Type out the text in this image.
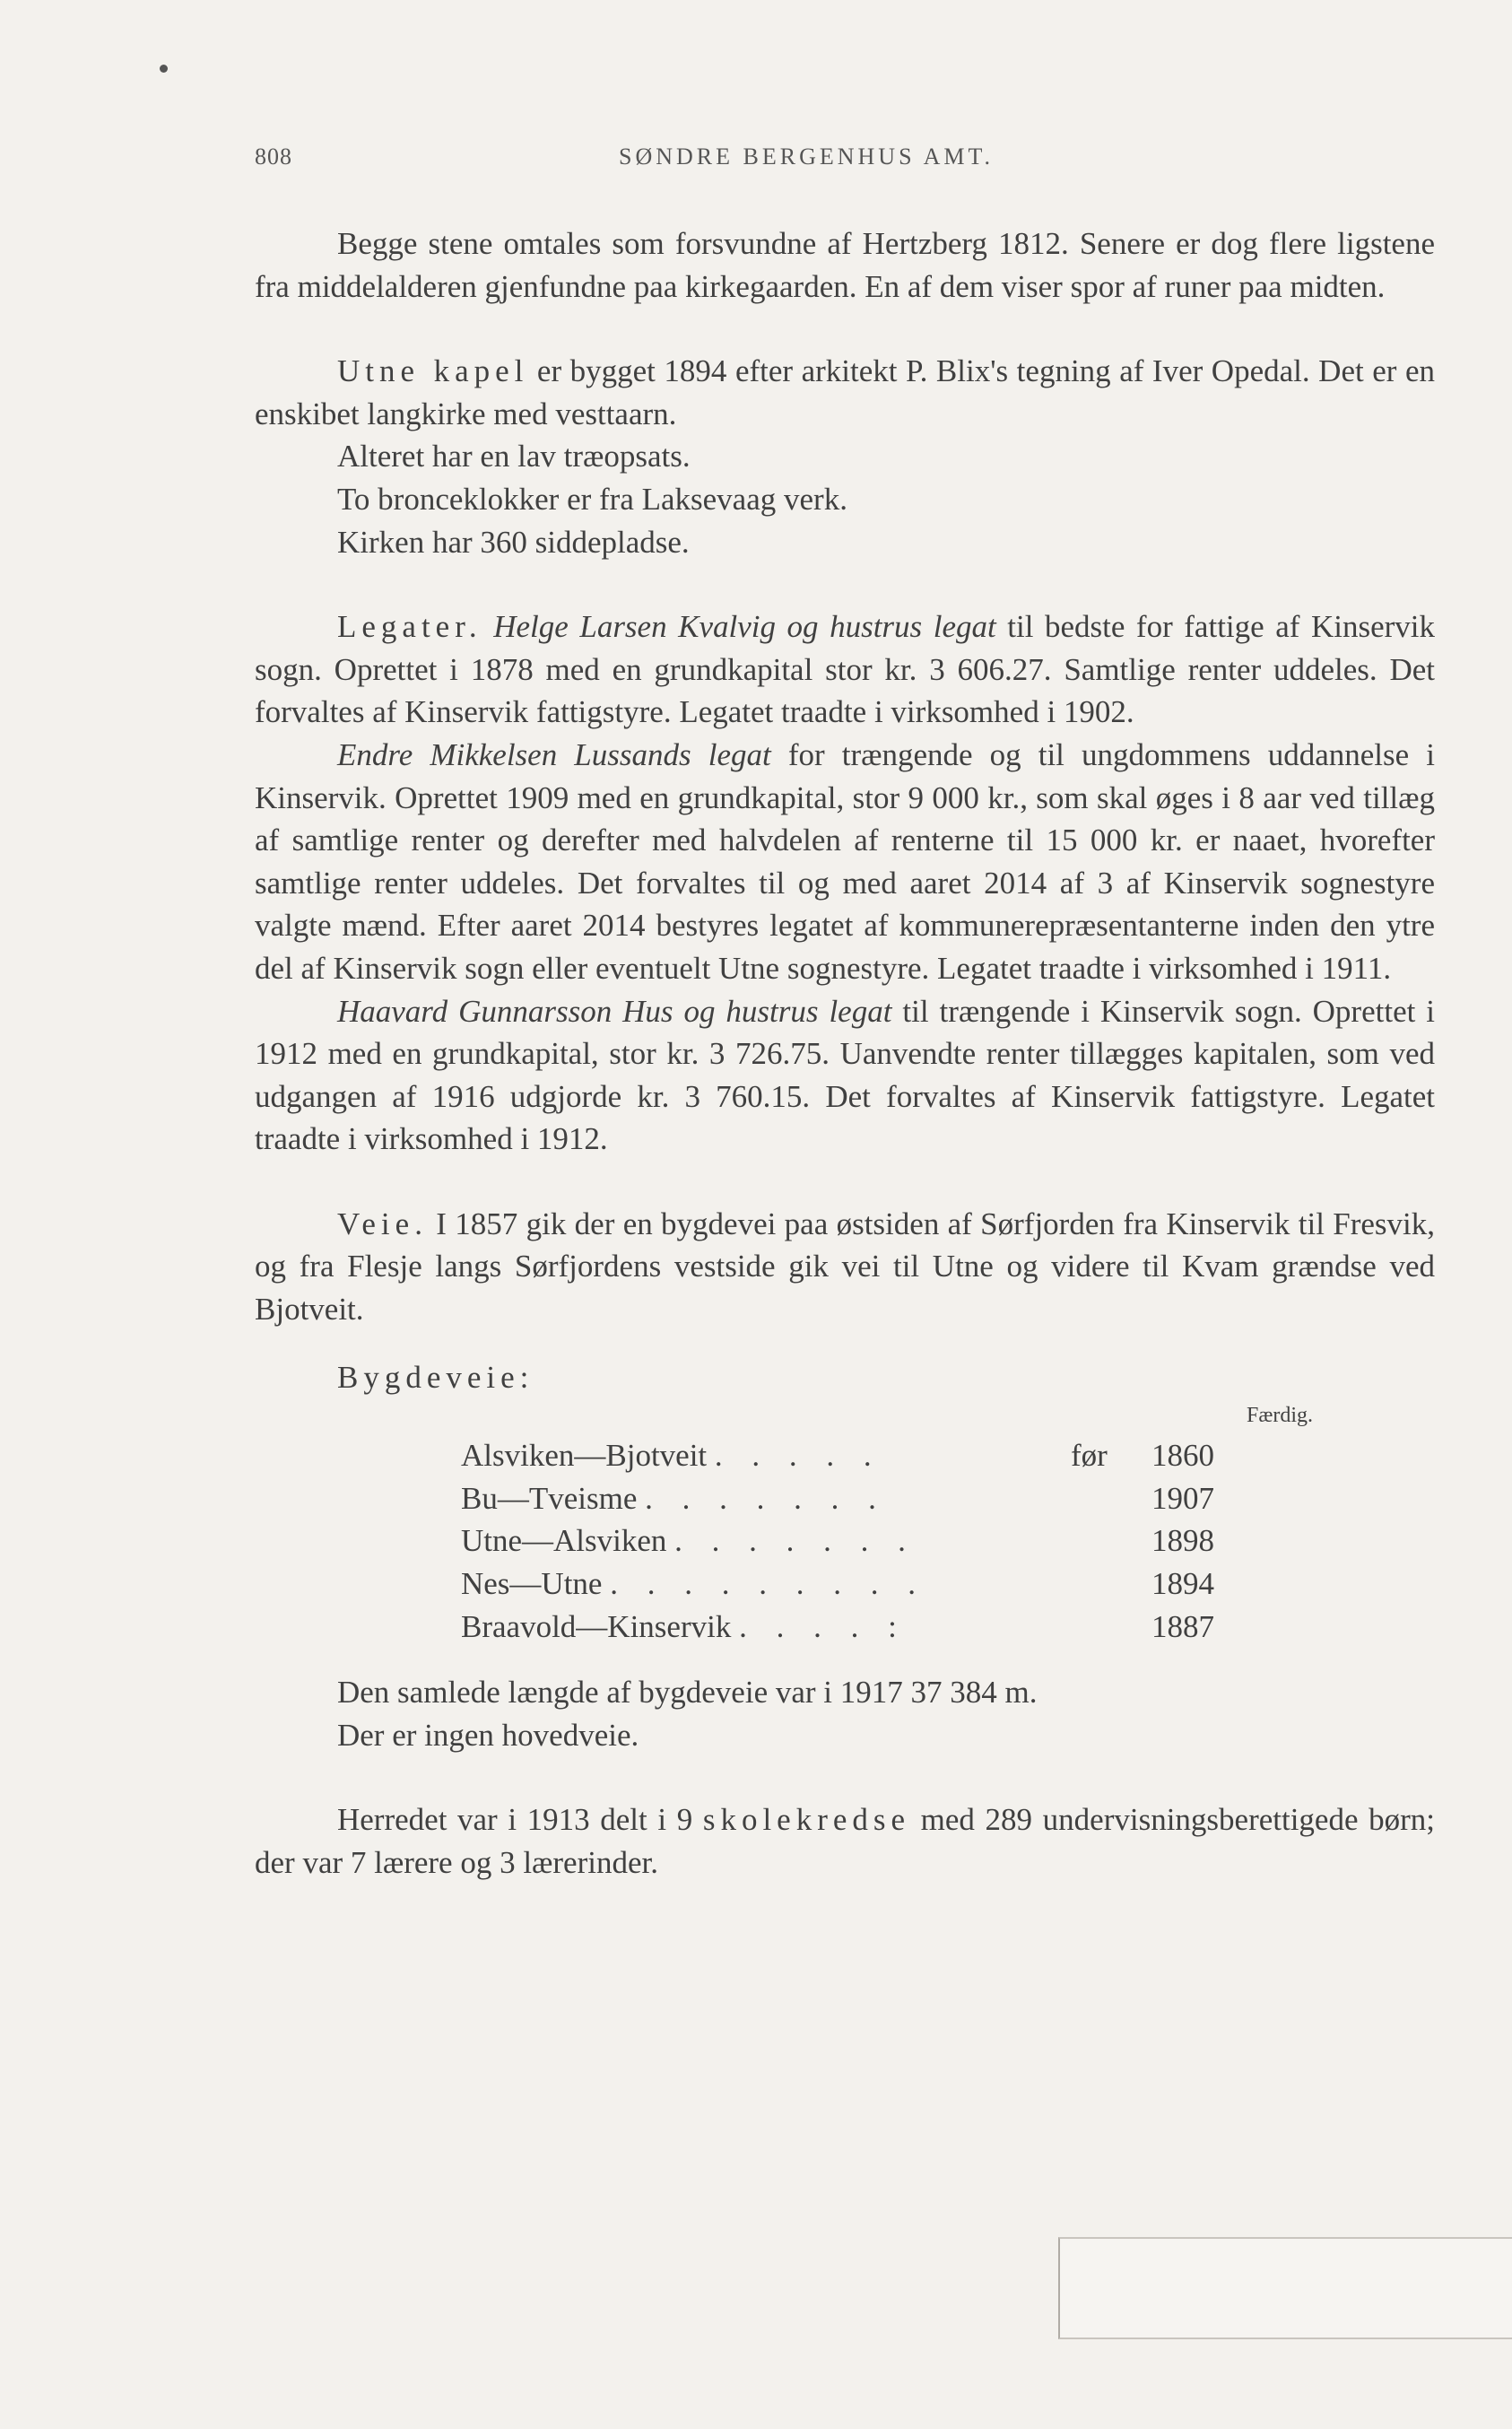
808	SØNDRE BERGENHUS AMT.

Begge stene omtales som forsvundne af Hertzberg 1812. Senere er dog flere ligstene fra middelalderen gjenfundne paa kirkegaarden. En af dem viser spor af runer paa midten.

Utne kapel er bygget 1894 efter arkitekt P. Blix's tegning af Iver Opedal. Det er en enskibet langkirke med vesttaarn.

Alteret har en lav træopsats.

To bronceklokker er fra Laksevaag verk.

Kirken har 360 siddepladse.

Legater. Helge Larsen Kvalvig og hustrus legat til bedste for fattige af Kinservik sogn. Oprettet i 1878 med en grundkapital stor kr. 3 606.27. Samtlige renter uddeles. Det forvaltes af Kinservik fattigstyre. Legatet traadte i virksomhed i 1902.

Endre Mikkelsen Lussands legat for trængende og til ungdommens uddannelse i Kinservik. Oprettet 1909 med en grundkapital, stor 9 000 kr., som skal øges i 8 aar ved tillæg af samtlige renter og derefter med halvdelen af renterne til 15 000 kr. er naaet, hvorefter samtlige renter uddeles. Det forvaltes til og med aaret 2014 af 3 af Kinservik sognestyre valgte mænd. Efter aaret 2014 bestyres legatet af kommunerepræsentanterne inden den ytre del af Kinservik sogn eller eventuelt Utne sognestyre. Legatet traadte i virksomhed i 1911.

Haavard Gunnarsson Hus og hustrus legat til trængende i Kinservik sogn. Oprettet i 1912 med en grundkapital, stor kr. 3 726.75. Uanvendte renter tillægges kapitalen, som ved udgangen af 1916 udgjorde kr. 3 760.15. Det forvaltes af Kinservik fattigstyre. Legatet traadte i virksomhed i 1912.

Veie. I 1857 gik der en bygdevei paa østsiden af Sørfjorden fra Kinservik til Fresvik, og fra Flesje langs Sørfjordens vestside gik vei til Utne og videre til Kvam grændse ved Bjotveit.

Bygdeveie:
Færdig.
Alsviken—Bjotveit . . . . .	før	1860
Bu—Tveisme . . . . . . .		1907
Utne—Alsviken . . . . . . .		1898
Nes—Utne . . . . . . . . .		1894
Braavold—Kinservik . . . . :		1887

Den samlede længde af bygdeveie var i 1917 37 384 m.

Der er ingen hovedveie.

Herredet var i 1913 delt i 9 skolekredse med 289 undervisningsberettigede børn; der var 7 lærere og 3 lærerinder.
